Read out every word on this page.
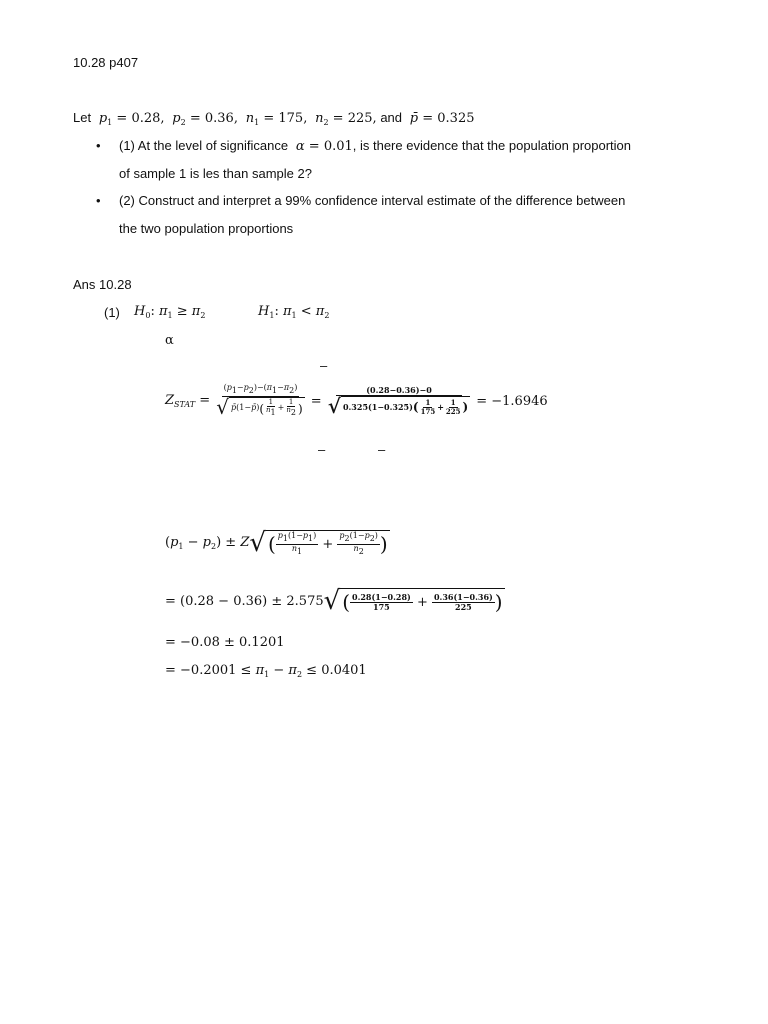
10.28 p407
Let $p_1 = 0.28$,  $p_2 = 0.36$,  $n_1 = 175$,  $n_2 = 225$, and p̄ = 0.325
• (1) At the level of significance α = 0.01, is there evidence that the population proportion
of sample 1 is les than sample 2?
• (2) Construct and interpret a 99% confidence interval estimate of the difference between
the two population proportions
Ans 10.28
(1) $H_0$: $\pi_1 \ge \pi_2$	$H_1$: $\pi_1 < \pi_2$
α
–
$Z_{STAT} = \frac{(p_1-p_2)-(\pi_1-\pi_2)}{√ p̄ (1- p̄ ) ( \frac{1}{n_1} + \frac{1}{n_2} )} = \frac{(0.28-0.36)-0}{√ 0.325(1-0.325) ( \frac{1}{175} + \frac{1}{225} )} = -1.6946$
–	–
$(p_1 - p_2) \pm Z$ √ ( $\frac{p_1(1-p_1)}{n_1} + \frac{p_2(1-p_2)}{n_2}$ )
= (0.28 − 0.36) ±
2.575 √ ( $\frac{0.28(1-0.28)}{175} + \frac{0.36(1-0.36)}{225}$ )
= −0.08 ± 0.1201
= $-0.2001 \le \pi_1 - \pi_2 \le 0.0401$
